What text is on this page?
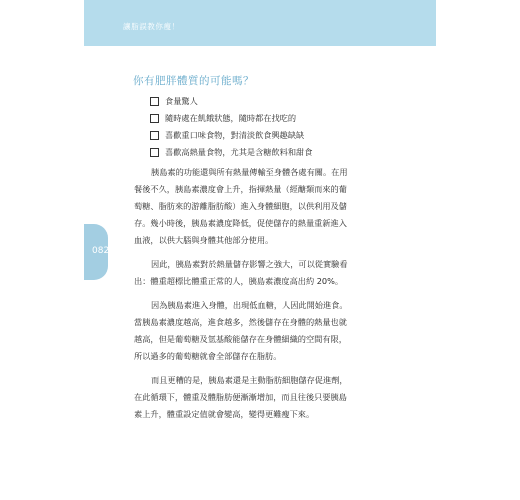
讓脂誤教你瘦！
082
你有肥胖體質的可能嗎？
食量驚人
隨時處在飢餓狀態，隨時都在找吃的
喜歡重口味食物，對清淡飲食興趣缺缺
喜歡高熱量食物，尤其是含糖飲料和甜食
胰島素的功能還與所有熱量傳輸至身體各處有關。在用
餐後不久，胰島素濃度會上升，指揮熱量（經醣類而來的葡
萄糖、脂肪來的游離脂肪酸）進入身體細胞，以供利用及儲
存。幾小時後，胰島素濃度降低，促使儲存的熱量重新進入
血液，以供大腦與身體其他部分使用。
因此，胰島素對於熱量儲存影響之強大，可以從實驗看
出：體重超標比體重正常的人，胰島素濃度高出約 20%。
因為胰島素進入身體，出現低血糖，人因此開始進食。
當胰島素濃度越高，進食越多，然後儲存在身體的熱量也就
越高，但是葡萄糖及氫基酸能儲存在身體細織的空間有限，
所以過多的葡萄糖就會全部儲存在脂肪。
而且更糟的是，胰島素還是主動脂肪細胞儲存促進劑，
在此循環下，體重及體脂肪便漸漸增加，而且往後只要胰島
素上升，體重設定值就會變高，變得更難瘦下來。
